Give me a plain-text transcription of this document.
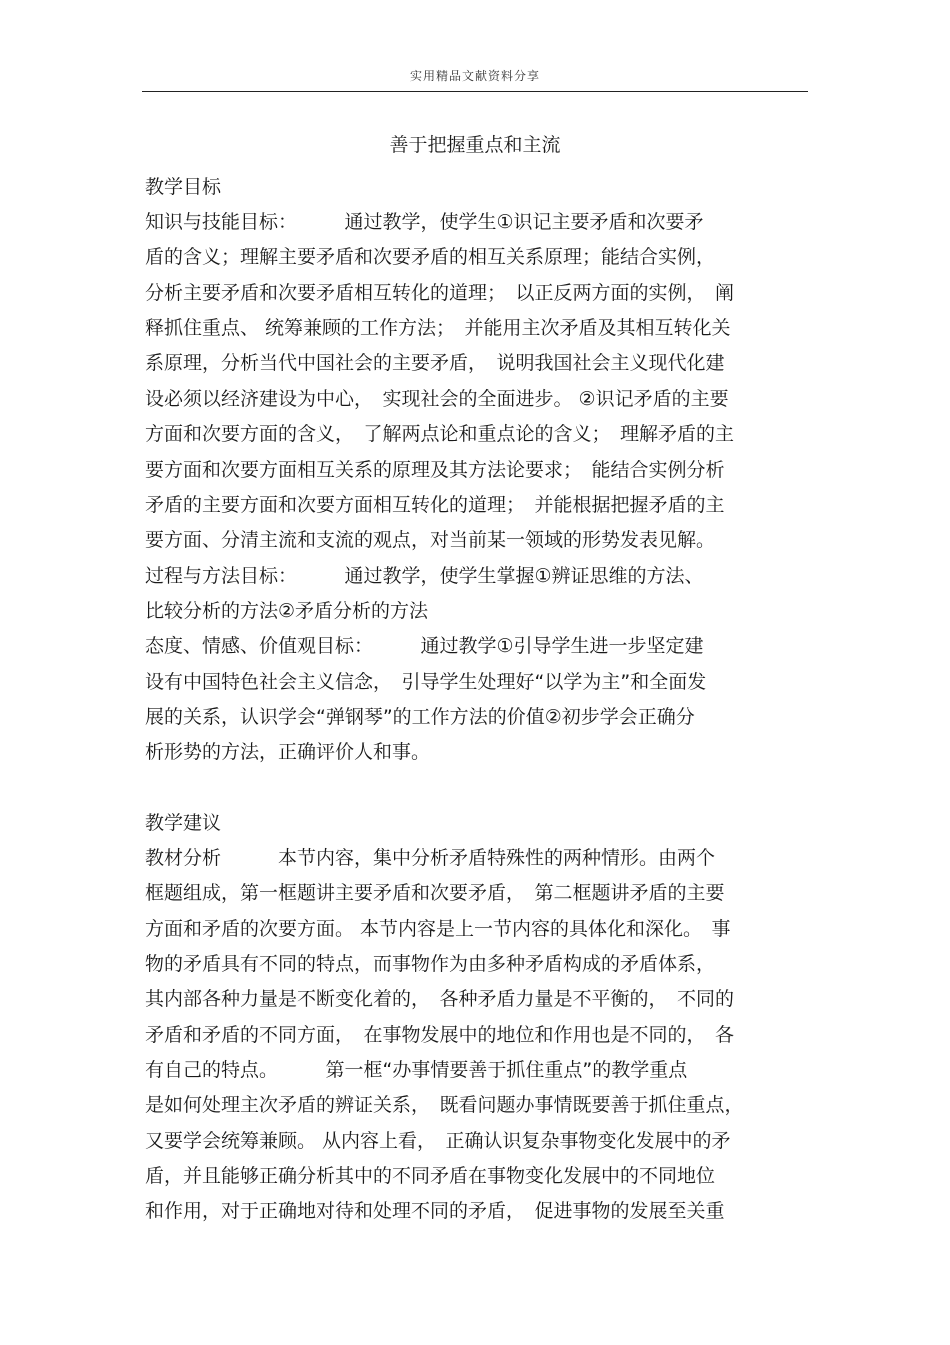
实用精品文献资料分享
善于把握重点和主流
教学目标
知识与技能目标：　　　通过教学，使学生①识记主要矛盾和次要矛
盾的含义；理解主要矛盾和次要矛盾的相互关系原理；能结合实例，
分析主要矛盾和次要矛盾相互转化的道理；　以正反两方面的实例，　阐
释抓住重点、 统筹兼顾的工作方法；　并能用主次矛盾及其相互转化关
系原理，分析当代中国社会的主要矛盾，　说明我国社会主义现代化建
设必须以经济建设为中心，　实现社会的全面进步。 ②识记矛盾的主要
方面和次要方面的含义，　了解两点论和重点论的含义；　理解矛盾的主
要方面和次要方面相互关系的原理及其方法论要求；　能结合实例分析
矛盾的主要方面和次要方面相互转化的道理；　并能根据把握矛盾的主
要方面、分清主流和支流的观点，对当前某一领域的形势发表见解。
过程与方法目标：　　　通过教学，使学生掌握①辨证思维的方法、
比较分析的方法②矛盾分析的方法
态度、情感、价值观目标：　　　通过教学①引导学生进一步坚定建
设有中国特色社会主义信念，　引导学生处理好“以学为主”和全面发
展的关系，认识学会“弹钢琴”的工作方法的价值②初步学会正确分
析形势的方法，正确评价人和事。
教学建议
教材分析　　　本节内容，集中分析矛盾特殊性的两种情形。由两个
框题组成，第一框题讲主要矛盾和次要矛盾，　第二框题讲矛盾的主要
方面和矛盾的次要方面。 本节内容是上一节内容的具体化和深化。　事
物的矛盾具有不同的特点，而事物作为由多种矛盾构成的矛盾体系，
其内部各种力量是不断变化着的，　各种矛盾力量是不平衡的，　不同的
矛盾和矛盾的不同方面，　在事物发展中的地位和作用也是不同的，　各
有自己的特点。　　　第一框“办事情要善于抓住重点”的教学重点
是如何处理主次矛盾的辨证关系，　既看问题办事情既要善于抓住重点，
又要学会统筹兼顾。 从内容上看，　正确认识复杂事物变化发展中的矛
盾，并且能够正确分析其中的不同矛盾在事物变化发展中的不同地位
和作用，对于正确地对待和处理不同的矛盾，　促进事物的发展至关重
